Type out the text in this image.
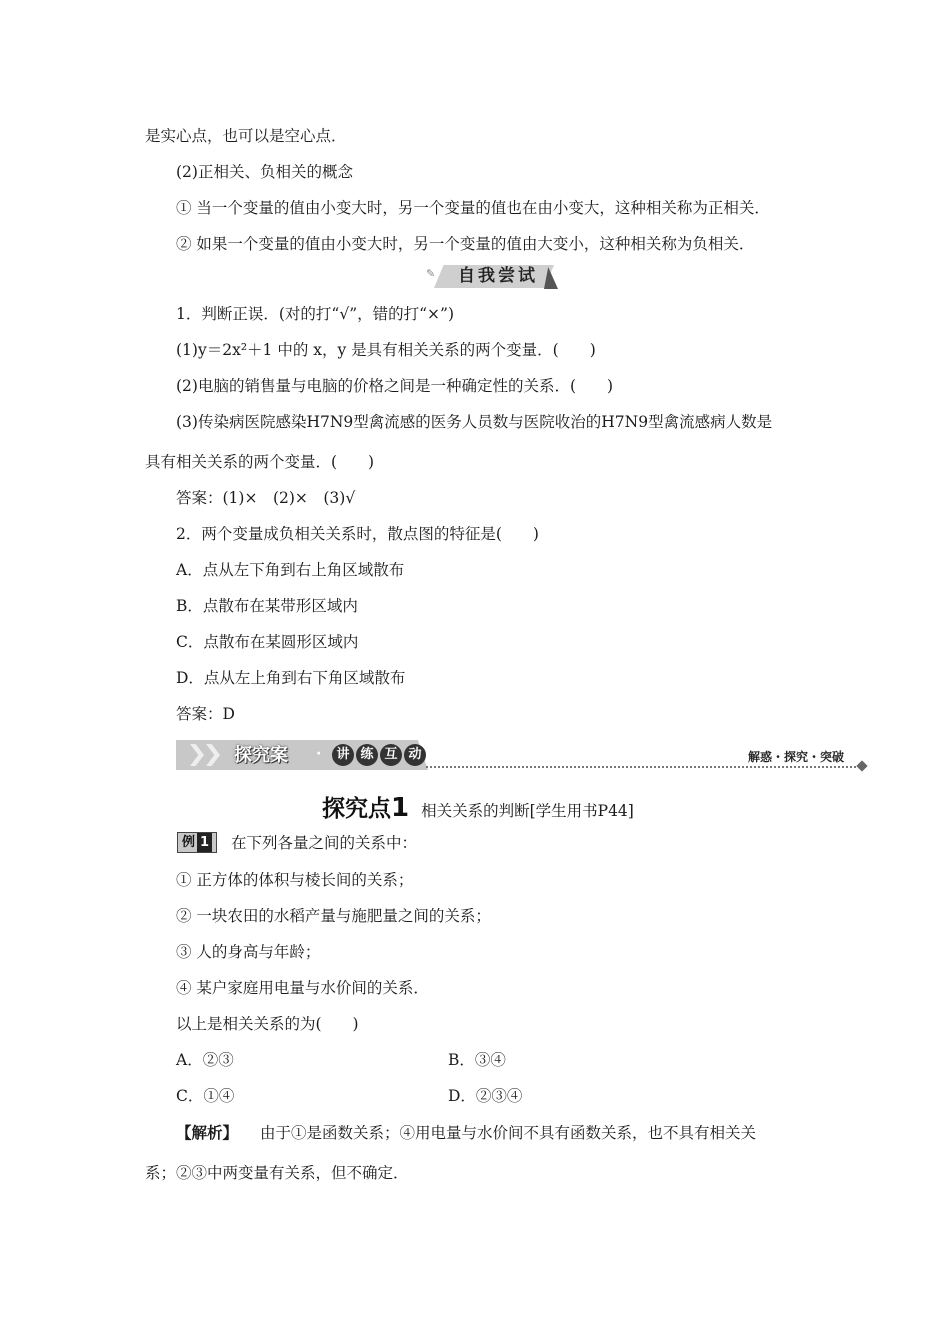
是实心点，也可以是空心点．
(2)正相关、负相关的概念
① 当一个变量的值由小变大时，另一个变量的值也在由小变大，这种相关称为正相关．
② 如果一个变量的值由小变大时，另一个变量的值由大变小，这种相关称为负相关．
✎	自我尝试
1．判断正误．(对的打“√”，错的打“×”)
(1)y＝2x²＋1 中的 x，y 是具有相关关系的两个变量．(　　)
(2)电脑的销售量与电脑的价格之间是一种确定性的关系．(　　)
(3)传染病医院感染H7N9型禽流感的医务人员数与医院收治的H7N9型禽流感病人数是
具有相关关系的两个变量．(　　)
答案：(1)×　(2)×　(3)√
2．两个变量成负相关关系时，散点图的特征是(　　)
A．点从左下角到右上角区域散布
B．点散布在某带形区域内
C．点散布在某圆形区域内
D．点从左上角到右下角区域散布
答案：D
探究案 ·	讲 练 互 动	解惑・探究・突破
探究点1 相关关系的判断[学生用书P44]
例 1	在下列各量之间的关系中：
① 正方体的体积与棱长间的关系；
② 一块农田的水稻产量与施肥量之间的关系；
③ 人的身高与年龄；
④ 某户家庭用电量与水价间的关系．
以上是相关关系的为(　　)
A．②③	B．③④
C．①④	D．②③④
【解析】 由于①是函数关系；④用电量与水价间不具有函数关系，也不具有相关关
系；②③中两变量有关系，但不确定．
